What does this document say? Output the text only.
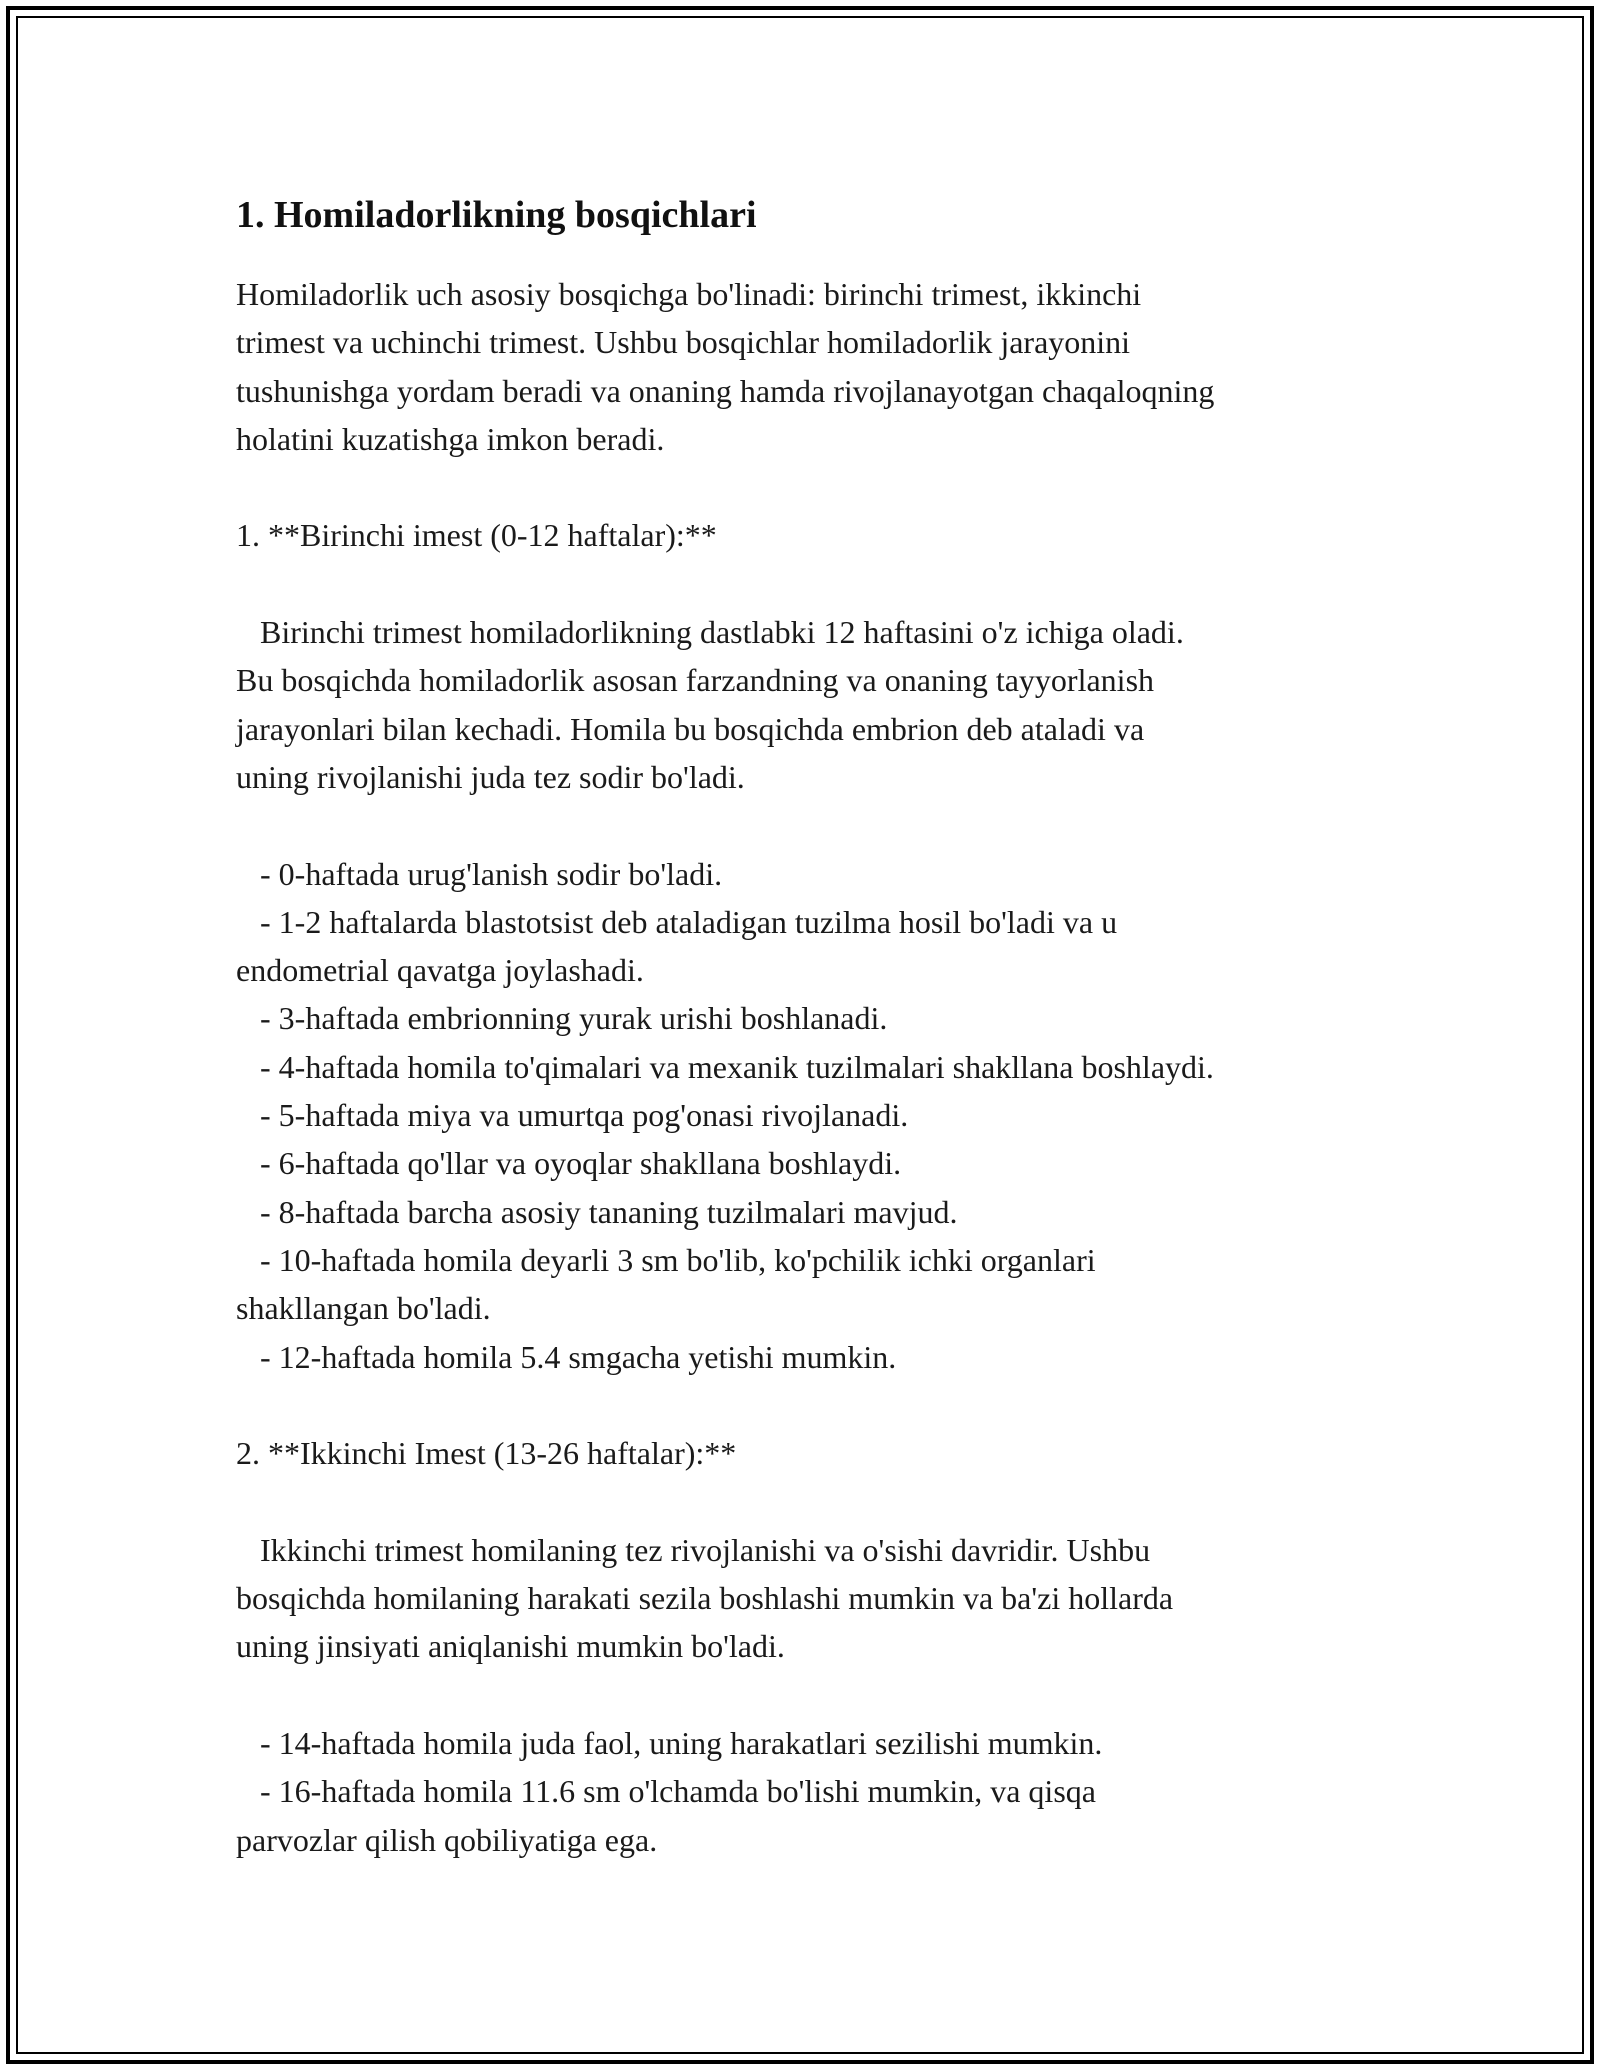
1. Homiladorlikning bosqichlari

Homiladorlik uch asosiy bosqichga bo'linadi: birinchi trimest, ikkinchi
trimest va uchinchi trimest. Ushbu bosqichlar homiladorlik jarayonini
tushunishga yordam beradi va onaning hamda rivojlanayotgan chaqaloqning
holatini kuzatishga imkon beradi.

1. **Birinchi imest (0-12 haftalar):**

Birinchi trimest homiladorlikning dastlabki 12 haftasini o'z ichiga oladi.
Bu bosqichda homiladorlik asosan farzandning va onaning tayyorlanish
jarayonlari bilan kechadi. Homila bu bosqichda embrion deb ataladi va
uning rivojlanishi juda tez sodir bo'ladi.

- 0-haftada urug'lanish sodir bo'ladi.

- 1-2 haftalarda blastotsist deb ataladigan tuzilma hosil bo'ladi va u
endometrial qavatga joylashadi.

- 3-haftada embrionning yurak urishi boshlanadi.

- 4-haftada homila to'qimalari va mexanik tuzilmalari shakllana boshlaydi.

- 5-haftada miya va umurtqa pog'onasi rivojlanadi.

- 6-haftada qo'llar va oyoqlar shakllana boshlaydi.

- 8-haftada barcha asosiy tananing tuzilmalari mavjud.

- 10-haftada homila deyarli 3 sm bo'lib, ko'pchilik ichki organlari
shakllangan bo'ladi.

- 12-haftada homila 5.4 smgacha yetishi mumkin.

2. **Ikkinchi Imest (13-26 haftalar):**

Ikkinchi trimest homilaning tez rivojlanishi va o'sishi davridir. Ushbu
bosqichda homilaning harakati sezila boshlashi mumkin va ba'zi hollarda
uning jinsiyati aniqlanishi mumkin bo'ladi.

- 14-haftada homila juda faol, uning harakatlari sezilishi mumkin.

- 16-haftada homila 11.6 sm o'lchamda bo'lishi mumkin, va qisqa
parvozlar qilish qobiliyatiga ega.
